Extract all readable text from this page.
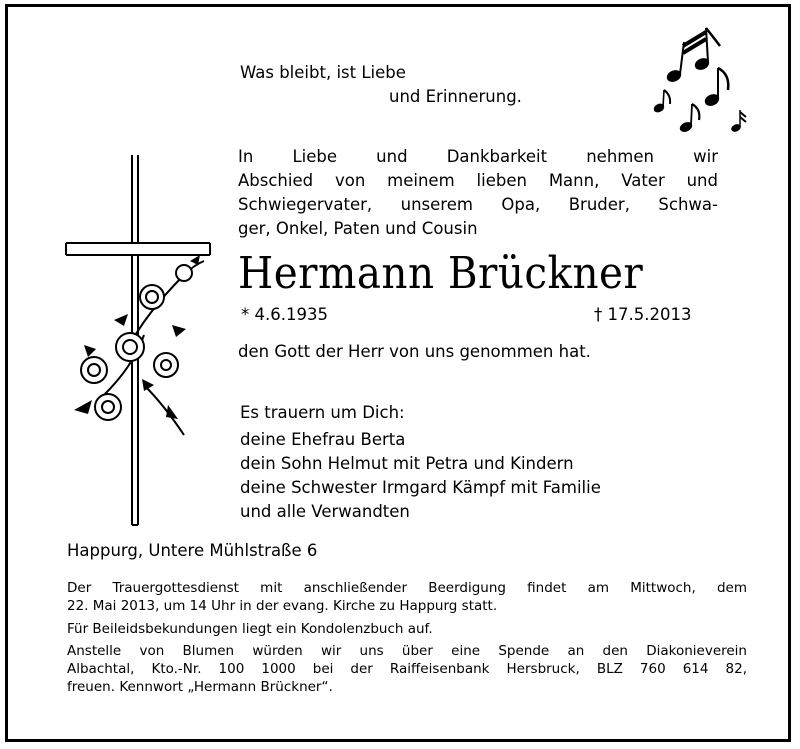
Was bleibt, ist Liebe

und Erinnerung.

In Liebe und Dankbarkeit nehmen wir
Abschied von meinem lieben Mann, Vater und
Schwiegervater, unserem Opa, Bruder, Schwa-
ger, Onkel, Paten und Cousin

Hermann Brückner

* 4.6.1935	† 17.5.2013

den Gott der Herr von uns genommen hat.

Es trauern um Dich:

deine Ehefrau Berta
dein Sohn Helmut mit Petra und Kindern
deine Schwester Irmgard Kämpf mit Familie
und alle Verwandten

Happurg, Untere Mühlstraße 6

Der Trauergottesdienst mit anschließender Beerdigung findet am Mittwoch, dem
22. Mai 2013, um 14 Uhr in der evang. Kirche zu Happurg statt.

Für Beileidsbekundungen liegt ein Kondolenzbuch auf.

Anstelle von Blumen würden wir uns über eine Spende an den Diakonieverein
Albachtal, Kto.-Nr. 100 1000 bei der Raiffeisenbank Hersbruck, BLZ 760 614 82,
freuen. Kennwort „Hermann Brückner“.
